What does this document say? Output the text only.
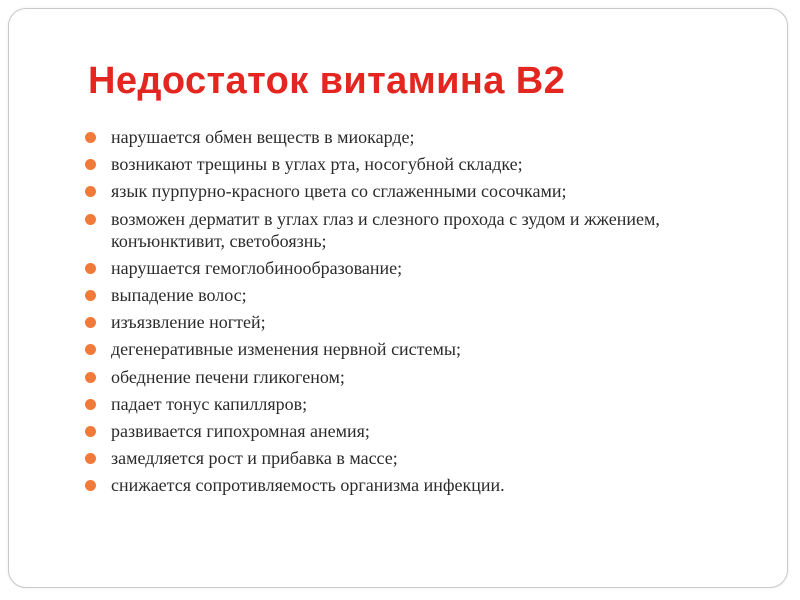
Недостаток витамина В2
нарушается обмен веществ в миокарде;
возникают трещины в углах рта, носогубной складке;
язык пурпурно-красного цвета со сглаженными сосочками;
возможен дерматит в углах глаз и слезного прохода с зудом и жжением, конъюнктивит, светобоязнь;
нарушается гемоглобинообразование;
выпадение волос;
изъязвление ногтей;
дегенеративные изменения нервной системы;
обеднение печени гликогеном;
падает тонус капилляров;
развивается гипохромная анемия;
замедляется рост и прибавка в массе;
снижается сопротивляемость организма инфекции.
